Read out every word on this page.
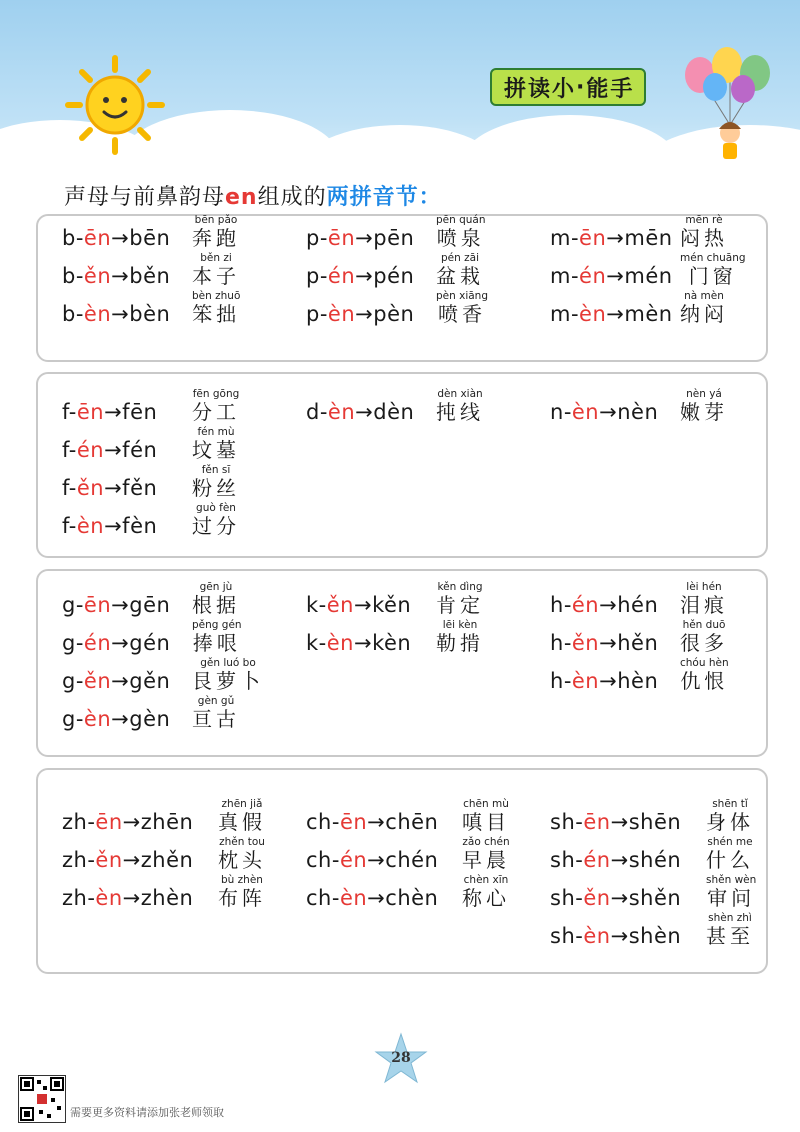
拼 读 小 · 能 手
声母与前鼻韵母en组成的两拼音节：
b-ēn→bēn
bēn pǎo
奔跑
b-ěn→běn
běn zi
本子
b-èn→bèn
bèn zhuō
笨拙
p-ēn→pēn
pēn quán
喷泉
p-én→pén
pén zāi
盆栽
p-èn→pèn
pèn xiāng
喷香
m-ēn→mēn
mēn rè
闷热
m-én→mén
mén chuāng
门窗
m-èn→mèn
nà mèn
纳闷
f-ēn→fēn
fēn gōng
分工
f-én→fén
fén mù
坟墓
f-ěn→fěn
fěn sī
粉丝
f-èn→fèn
guò fèn
过分
d-èn→dèn
dèn xiàn
扽线	n-èn→nèn
nèn yá
嫩芽
g-ēn→gēn
gēn jù
根据
g-én→gén
pěng gén
捧哏
g-ěn→gěn
gěn luó bo
艮萝卜
g-èn→gèn
gèn gǔ
亘古
k-ěn→kěn
kěn dìng
肯定
k-èn→kèn
lēi kèn
勒掯
h-én→hén
lèi hén
泪痕
h-ěn→hěn
hěn duō
很多
h-èn→hèn
chóu hèn
仇恨
zh-ēn→zhēn
zhēn jiǎ
真假
zh-ěn→zhěn
zhěn tou
枕头
zh-èn→zhèn
bù zhèn
布阵
ch-ēn→chēn
chēn mù
嗔目
ch-én→chén
zǎo chén
早晨
ch-èn→chèn
chèn xīn
称心
sh-ēn→shēn
shēn tǐ
身体
sh-én→shén
shén me
什么
sh-ěn→shěn
shěn wèn
审问
sh-èn→shèn
shèn zhì
甚至
28
需要更多资料请添加张老师领取
